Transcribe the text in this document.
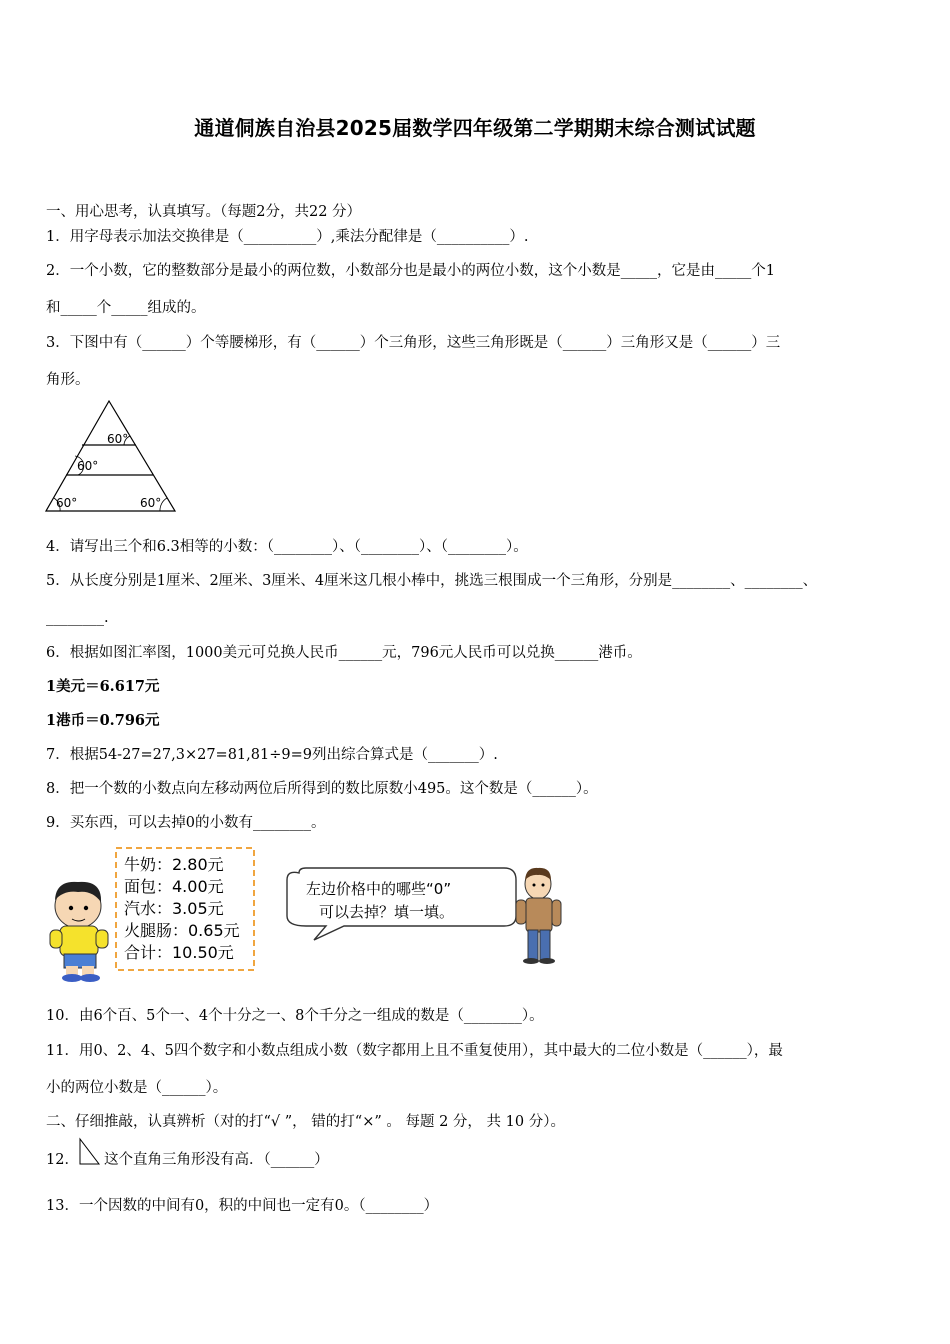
通道侗族自治县2025届数学四年级第二学期期末综合测试试题
一、用心思考，认真填写。（每题2分，共22 分）
1．用字母表示加法交换律是（__________）,乘法分配律是（__________）.
2．一个小数，它的整数部分是最小的两位数，小数部分也是最小的两位小数，这个小数是_____，它是由_____个1
和_____个_____组成的。
3．下图中有（______）个等腰梯形，有（______）个三角形，这些三角形既是（______）三角形又是（______）三
角形。
60°
60°
60°	60°
4．请写出三个和6.3相等的小数：（________）、（________）、（________）。
5．从长度分别是1厘米、2厘米、3厘米、4厘米这几根小棒中，挑选三根围成一个三角形，分别是________、________、
________.
6．根据如图汇率图，1000美元可兑换人民币______元，796元人民币可以兑换______港币。
1美元＝6.617元
1港币＝0.796元
7．根据54-27=27,3×27=81,81÷9=9列出综合算式是（_______）.
8．把一个数的小数点向左移动两位后所得到的数比原数小495。这个数是（______）。
9．买东西，可以去掉0的小数有________。
牛奶：2.80元
面包：4.00元
汽水：3.05元
火腿肠：0.65元
合计：10.50元
左边价格中的哪些“0”
可以去掉？填一填。
10．由6个百、5个一、4个十分之一、8个千分之一组成的数是（________）。
11．用0、2、4、5四个数字和小数点组成小数（数字都用上且不重复使用），其中最大的二位小数是（______），最
小的两位小数是（______）。
二、仔细推敲，认真辨析（对的打“√ ”， 错的打“×” 。 每题 2 分， 共 10 分）。
12． 这个直角三角形没有高．（______）
13．一个因数的中间有0，积的中间也一定有0。（________）
